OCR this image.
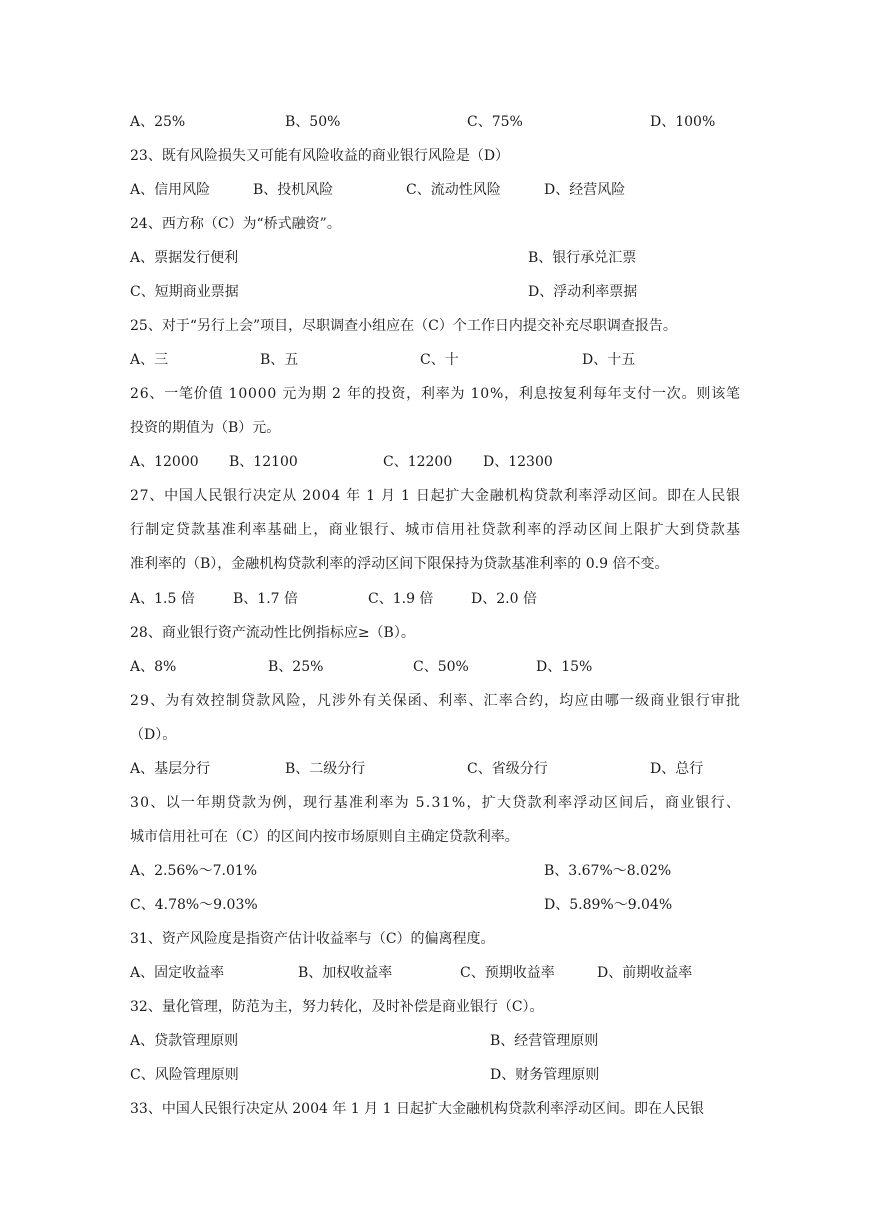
A、25%	B、50%	C、75%	D、100%
23、既有风险损失又可能有风险收益的商业银行风险是（D）
A、信用风险	B、投机风险	C、流动性风险	D、经营风险
24、西方称（C）为“桥式融资”。
A、票据发行便利	B、银行承兑汇票
C、短期商业票据	D、浮动利率票据
25、对于“另行上会”项目，尽职调查小组应在（C）个工作日内提交补充尽职调查报告。
A、三	B、五	C、十	D、十五
26、一笔价值 10000 元为期 2 年的投资，利率为 10%，利息按复利每年支付一次。则该笔
投资的期值为（B）元。
A、12000 B、12100	C、12200 D、12300
27、中国人民银行决定从 2004 年 1 月 1 日起扩大金融机构贷款利率浮动区间。即在人民银
行制定贷款基准利率基础上，商业银行、城市信用社贷款利率的浮动区间上限扩大到贷款基
准利率的（B），金融机构贷款利率的浮动区间下限保持为贷款基准利率的 0.9 倍不变。
A、1.5 倍	B、1.7 倍	C、1.9 倍	D、2.0 倍
28、商业银行资产流动性比例指标应≥（B）。
A、8%	B、25%	C、50%	D、15%
29、为有效控制贷款风险，凡涉外有关保函、利率、汇率合约，均应由哪一级商业银行审批
（D）。
A、基层分行	B、二级分行	C、省级分行	D、总行
30、以一年期贷款为例，现行基准利率为 5.31%，扩大贷款利率浮动区间后，商业银行、
城市信用社可在（C）的区间内按市场原则自主确定贷款利率。
A、2.56%～7.01%	B、3.67%～8.02%
C、4.78%～9.03%	D、5.89%～9.04%
31、资产风险度是指资产估计收益率与（C）的偏离程度。
A、固定收益率	B、加权收益率	C、预期收益率	D、前期收益率
32、量化管理，防范为主，努力转化，及时补偿是商业银行（C）。
A、贷款管理原则	B、经营管理原则
C、风险管理原则	D、财务管理原则
33、中国人民银行决定从 2004 年 1 月 1 日起扩大金融机构贷款利率浮动区间。即在人民银
